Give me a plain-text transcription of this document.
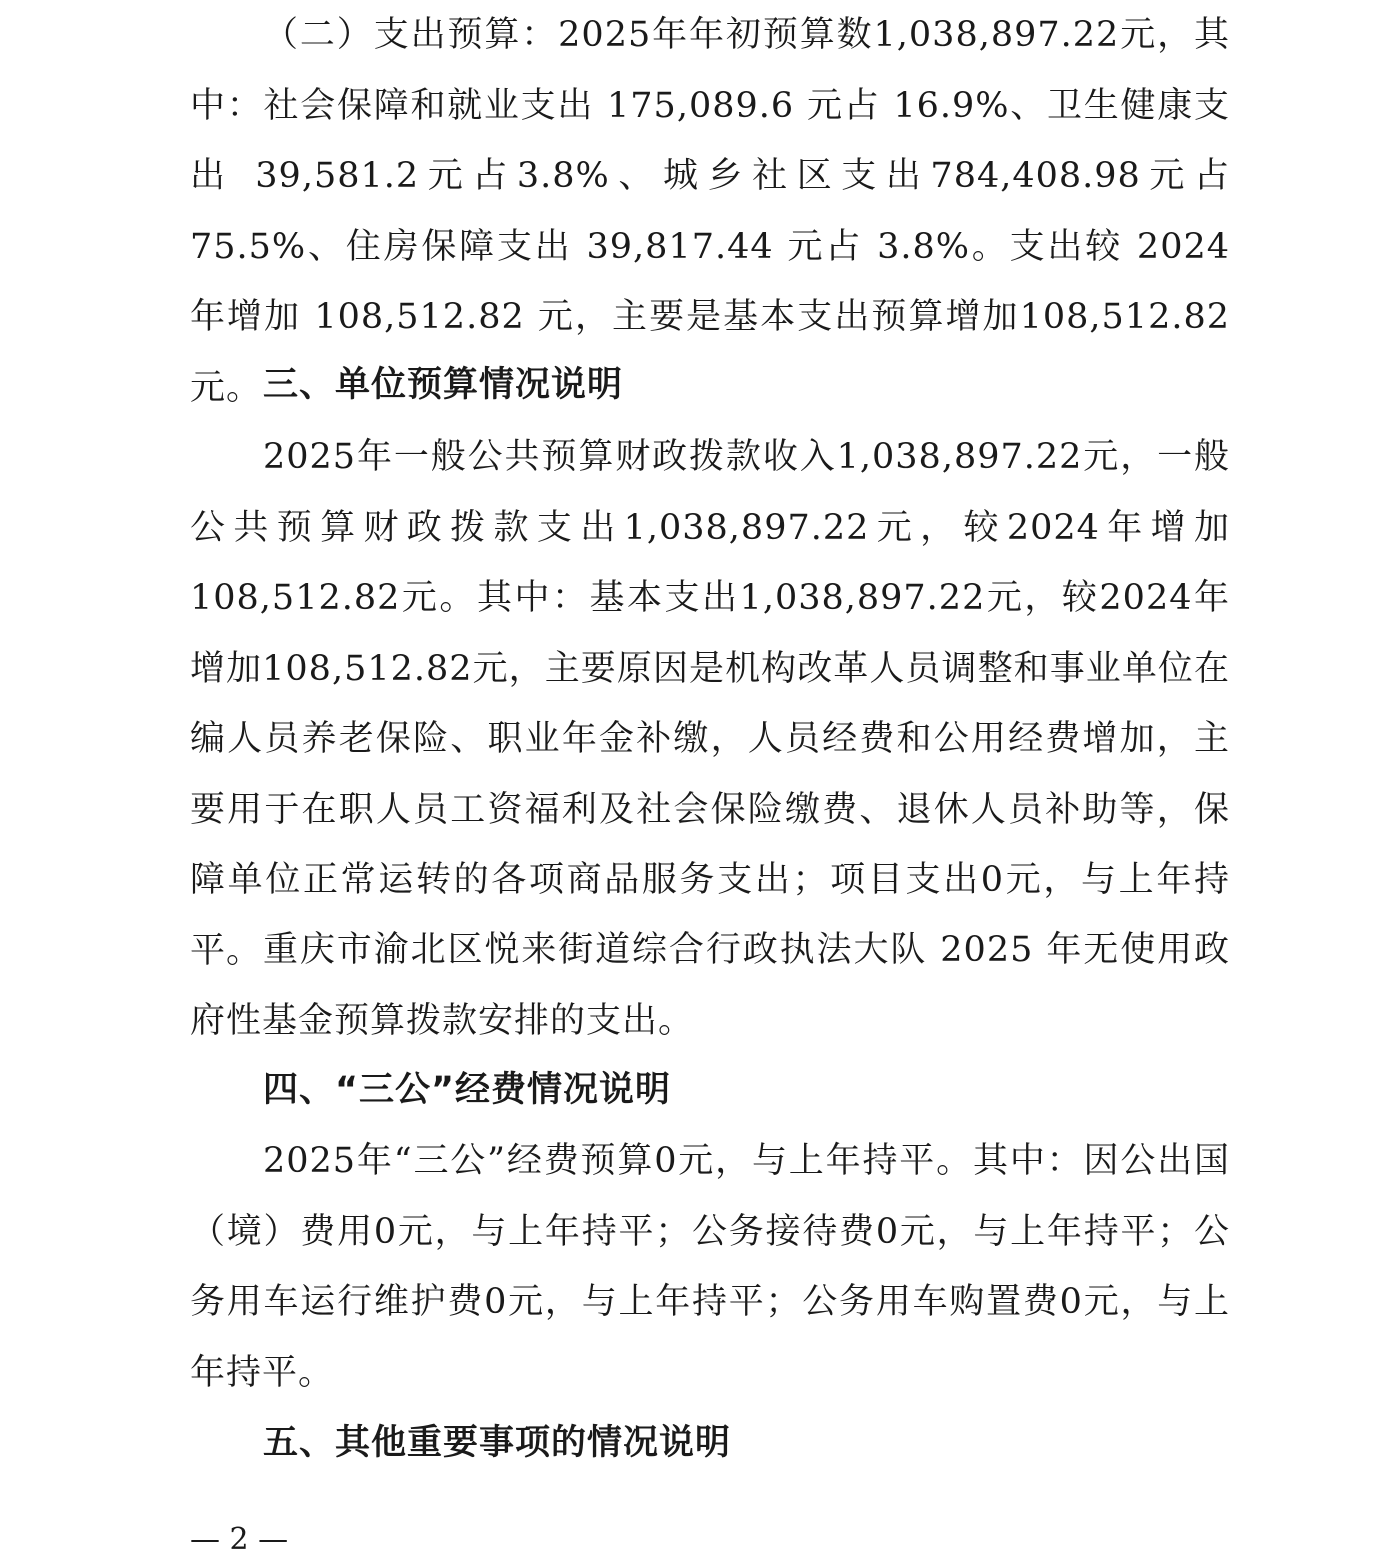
（二）支出预算：2025年年初预算数1,038,897.22元，其中：社会保障和就业支出 175,089.6 元占 16.9%、卫生健康支出 39,581.2元占3.8%、城乡社区支出784,408.98元占75.5%、住房保障支出 39,817.44 元占 3.8%。支出较 2024 年增加 108,512.82 元，主要是基本支出预算增加108,512.82元。 三、单位预算情况说明

2025年一般公共预算财政拨款收入1,038,897.22元，一般公共预算财政拨款支出1,038,897.22元，较2024年增加108,512.82元。其中：基本支出1,038,897.22元，较2024年增加108,512.82元，主要原因是机构改革人员调整和事业单位在编人员养老保险、职业年金补缴，人员经费和公用经费增加，主要用于在职人员工资福利及社会保险缴费、退休人员补助等，保障单位正常运转的各项商品服务支出；项目支出0元，与上年持平。 重庆市渝北区悦来街道综合行政执法大队 2025 年无使用政府性基金预算拨款安排的支出。

四、“三公”经费情况说明

2025年“三公”经费预算0元，与上年持平。其中：因公出国（境）费用0元，与上年持平；公务接待费0元，与上年持平；公务用车运行维护费0元，与上年持平；公务用车购置费0元，与上年持平。

五、其他重要事项的情况说明
— 2 —
